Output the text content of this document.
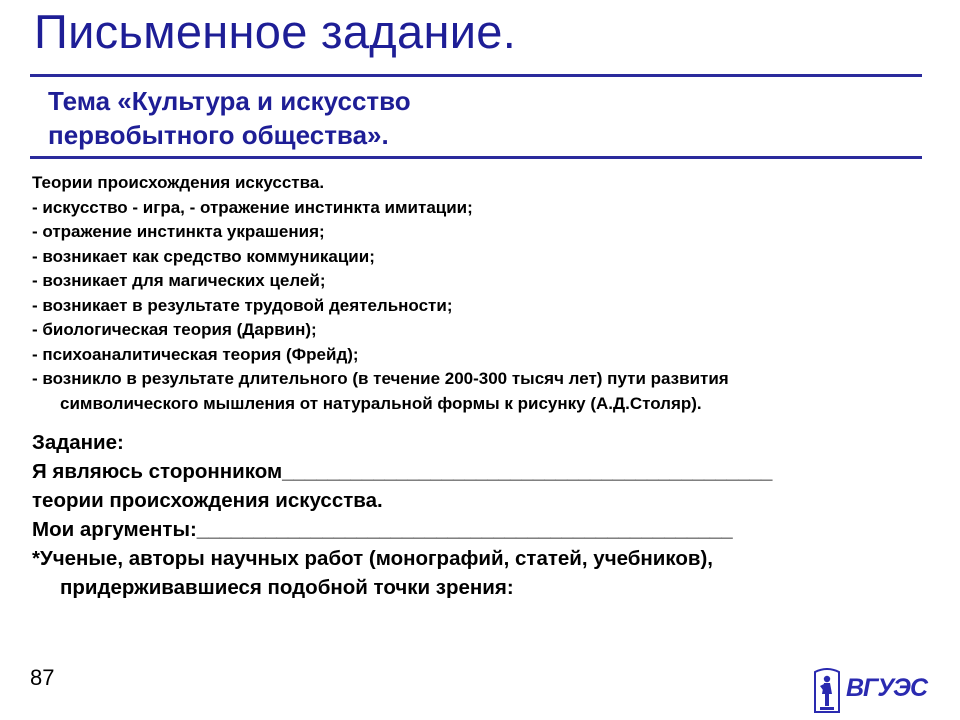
Письменное задание.
Тема «Культура и искусство
первобытного общества».
Теории происхождения искусства.
- искусство - игра, - отражение инстинкта имитации;
- отражение инстинкта украшения;
- возникает как средство коммуникации;
- возникает для магических целей;
- возникает в результате трудовой деятельности;
- биологическая теория (Дарвин);
- психоаналитическая теория (Фрейд);
- возникло в результате длительного (в течение 200-300 тысяч лет) пути развития
символического мышления от натуральной формы к рисунку (А.Д.Столяр).
Задание:
Я являюсь сторонником___________________________________________
теории происхождения искусства.
Мои аргументы:_______________________________________________
*Ученые, авторы научных работ (монографий, статей, учебников),
придерживавшиеся подобной точки зрения:
87	ВГУЭС
